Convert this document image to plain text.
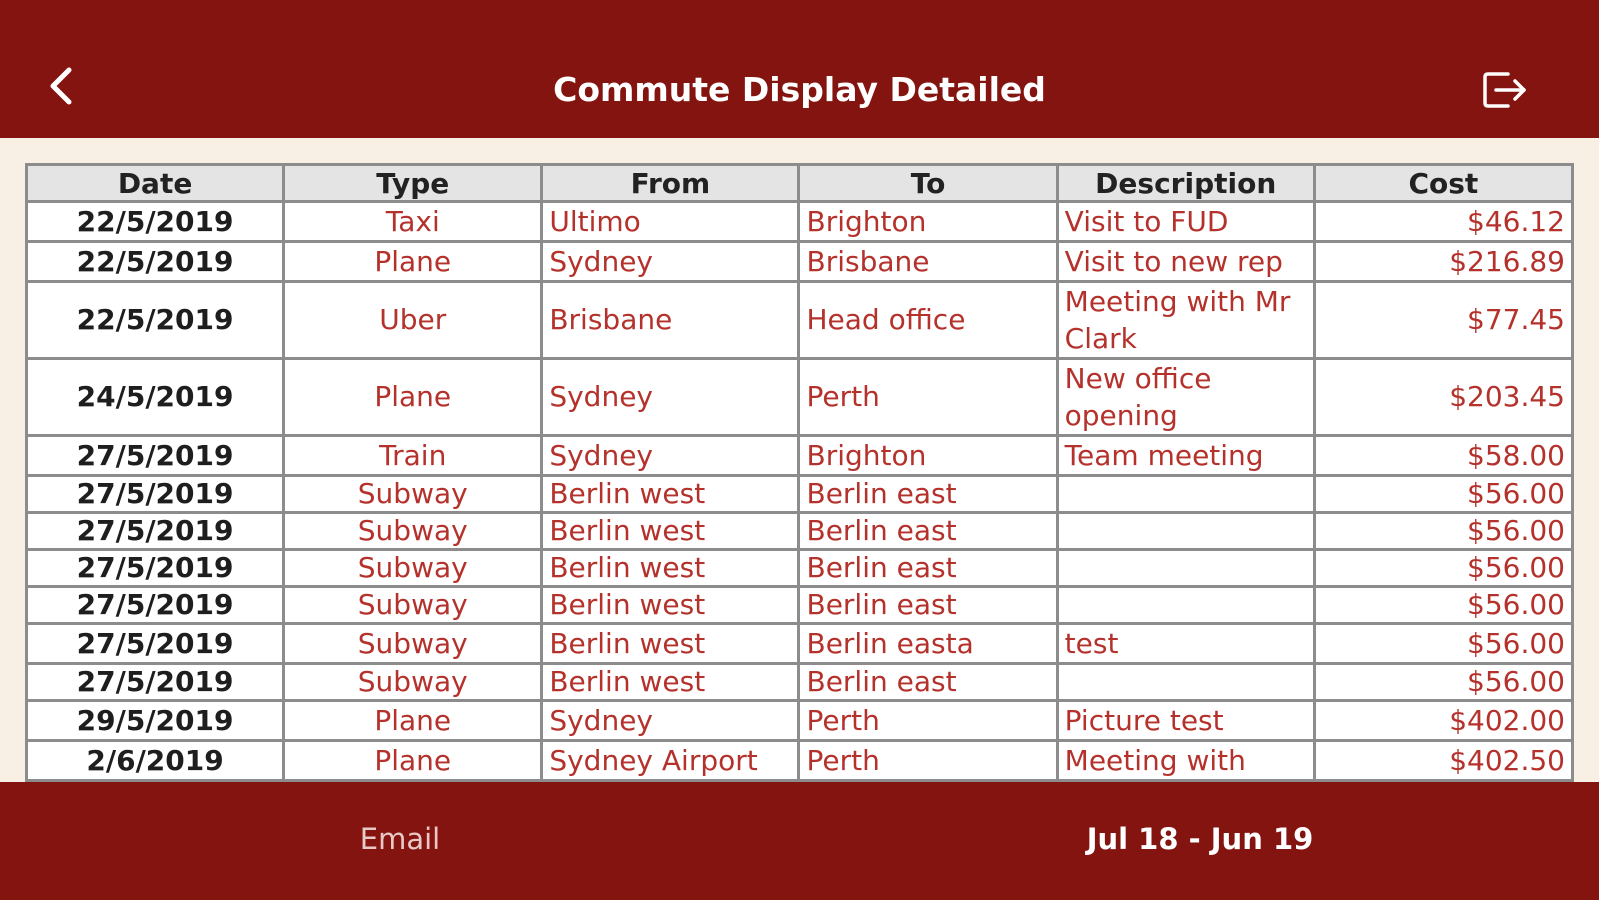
Commute Display Detailed
Date	Type	From	To	Description	Cost
22/5/2019	Taxi	Ultimo	Brighton	Visit to FUD	$46.12
22/5/2019	Plane	Sydney	Brisbane	Visit to new rep	$216.89
22/5/2019	Uber	Brisbane	Head office	Meeting with Mr Clark	$77.45
24/5/2019	Plane	Sydney	Perth	New office opening	$203.45
27/5/2019	Train	Sydney	Brighton	Team meeting	$58.00
27/5/2019	Subway	Berlin west	Berlin east		$56.00
27/5/2019	Subway	Berlin west	Berlin east		$56.00
27/5/2019	Subway	Berlin west	Berlin east		$56.00
27/5/2019	Subway	Berlin west	Berlin east		$56.00
27/5/2019	Subway	Berlin west	Berlin easta	test	$56.00
27/5/2019	Subway	Berlin west	Berlin east		$56.00
29/5/2019	Plane	Sydney	Perth	Picture test	$402.00
2/6/2019	Plane	Sydney Airport	Perth	Meeting with	$402.50
Email	Jul 18 - Jun 19
